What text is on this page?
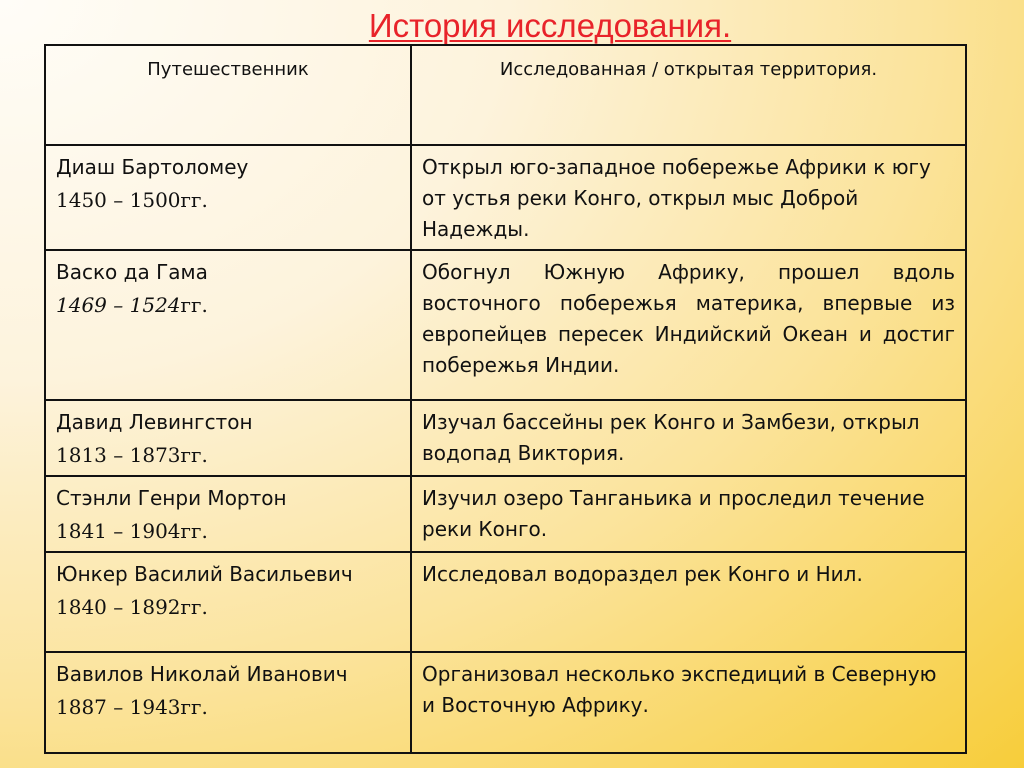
История исследования.
Путешественник	Исследованная / открытая территория.

Диаш Бартоломеу
1450 – 1500гг.	Открыл юго-западное побережье Африки к югу от устья реки Конго, открыл мыс Доброй Надежды.

Васко да Гама
1469 – 1524гг.	Обогнул Южную Африку, прошел вдоль восточного побережья материка, впервые из европейцев пересек Индийский Океан и достиг побережья Индии.

Давид Левингстон
1813 – 1873гг.	Изучал бассейны рек Конго и Замбези, открыл водопад Виктория.

Стэнли Генри Мортон
1841 – 1904гг.	Изучил озеро Танганьика и проследил течение реки Конго.

Юнкер Василий Васильевич
1840 – 1892гг.	Исследовал водораздел рек Конго и Нил.

Вавилов Николай Иванович
1887 – 1943гг.	Организовал несколько экспедиций в Северную и Восточную Африку.
